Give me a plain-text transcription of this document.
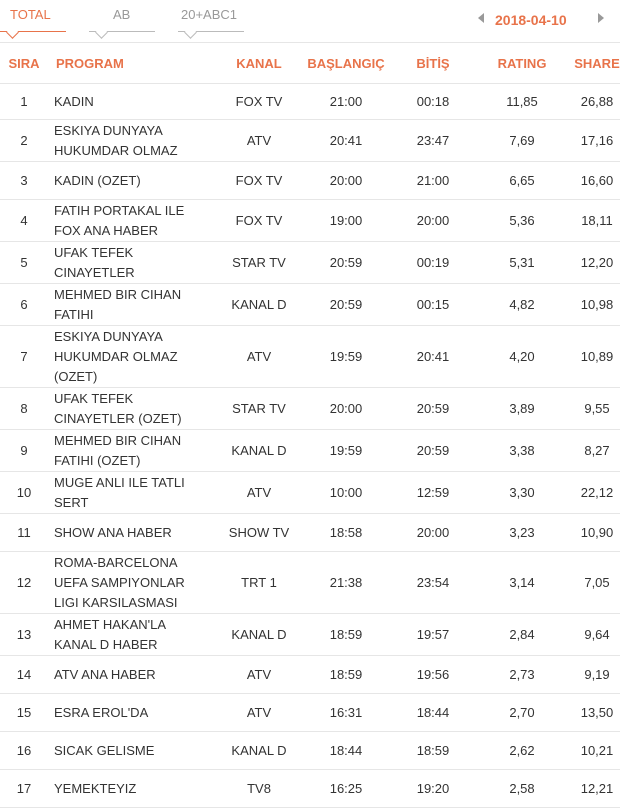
TOTAL	AB	20+ABC1	2018-04-10
SIRA	PROGRAM	KANAL	BAŞLANGIÇ	BİTİŞ	RATING	SHARE
1	KADIN	FOX TV	21:00	00:18	11,85	26,88
2	ESKIYA DUNYAYA HUKUMDAR OLMAZ	ATV	20:41	23:47	7,69	17,16
3	KADIN (OZET)	FOX TV	20:00	21:00	6,65	16,60
4	FATIH PORTAKAL ILE FOX ANA HABER	FOX TV	19:00	20:00	5,36	18,11
5	UFAK TEFEK CINAYETLER	STAR TV	20:59	00:19	5,31	12,20
6	MEHMED BIR CIHAN FATIHI	KANAL D	20:59	00:15	4,82	10,98
7	ESKIYA DUNYAYA HUKUMDAR OLMAZ (OZET)	ATV	19:59	20:41	4,20	10,89
8	UFAK TEFEK CINAYETLER (OZET)	STAR TV	20:00	20:59	3,89	9,55
9	MEHMED BIR CIHAN FATIHI (OZET)	KANAL D	19:59	20:59	3,38	8,27
10	MUGE ANLI ILE TATLI SERT	ATV	10:00	12:59	3,30	22,12
11	SHOW ANA HABER	SHOW TV	18:58	20:00	3,23	10,90
12	ROMA-BARCELONA UEFA SAMPIYONLAR LIGI KARSILASMASI	TRT 1	21:38	23:54	3,14	7,05
13	AHMET HAKAN'LA KANAL D HABER	KANAL D	18:59	19:57	2,84	9,64
14	ATV ANA HABER	ATV	18:59	19:56	2,73	9,19
15	ESRA EROL'DA	ATV	16:31	18:44	2,70	13,50
16	SICAK GELISME	KANAL D	18:44	18:59	2,62	10,21
17	YEMEKTEYIZ	TV8	16:25	19:20	2,58	12,21
